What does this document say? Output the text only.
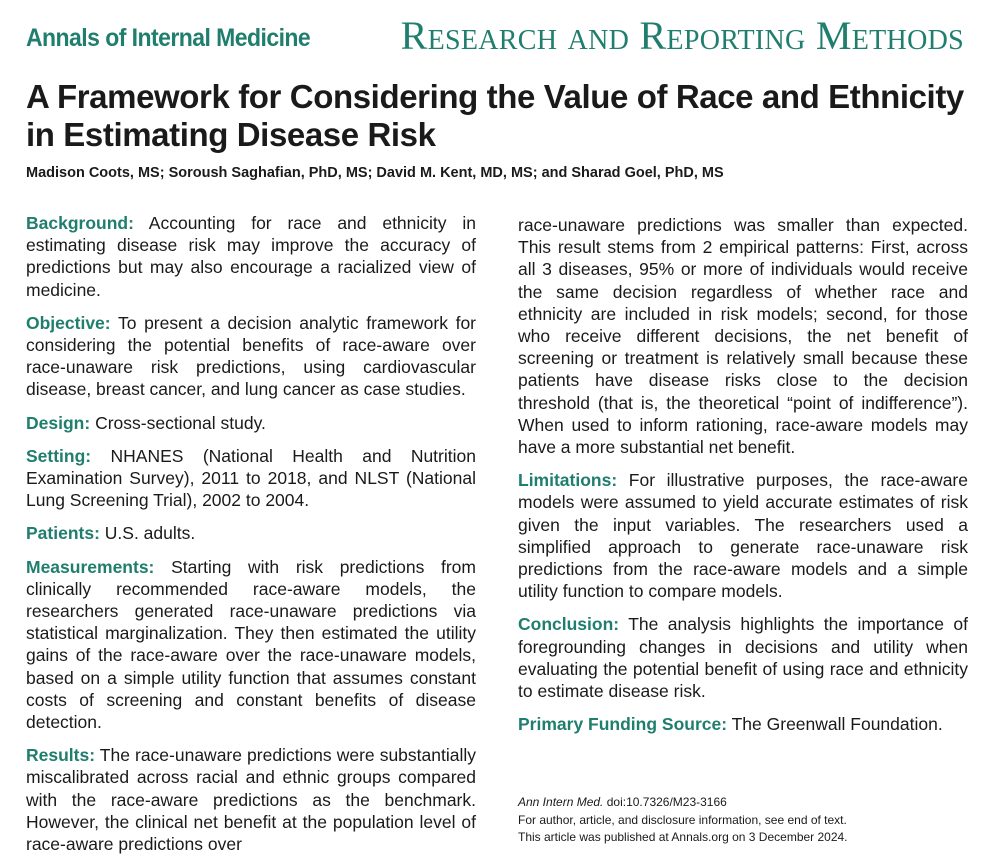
Annals of Internal Medicine Research and Reporting Methods
A Framework for Considering the Value of Race and Ethnicity in Estimating Disease Risk
Madison Coots, MS; Soroush Saghafian, PhD, MS; David M. Kent, MD, MS; and Sharad Goel, PhD, MS

Background: Accounting for race and ethnicity in estimating disease risk may improve the accuracy of predictions but may also encourage a racialized view of medicine.

Objective: To present a decision analytic framework for considering the potential benefits of race-aware over race-unaware risk predictions, using cardiovascular disease, breast cancer, and lung cancer as case studies.

Design: Cross-sectional study.

Setting: NHANES (National Health and Nutrition Examination Survey), 2011 to 2018, and NLST (National Lung Screening Trial), 2002 to 2004.

Patients: U.S. adults.

Measurements: Starting with risk predictions from clinically recommended race-aware models, the researchers generated race-unaware predictions via statistical marginalization. They then estimated the utility gains of the race-aware over the race-unaware models, based on a simple utility function that assumes constant costs of screening and constant benefits of disease detection.

Results: The race-unaware predictions were substantially miscalibrated across racial and ethnic groups compared with the race-aware predictions as the benchmark. However, the clinical net benefit at the population level of race-aware predictions over

race-unaware predictions was smaller than expected. This result stems from 2 empirical patterns: First, across all 3 diseases, 95% or more of individuals would receive the same decision regardless of whether race and ethnicity are included in risk models; second, for those who receive different decisions, the net benefit of screening or treatment is relatively small because these patients have disease risks close to the decision threshold (that is, the theoretical “point of indifference”). When used to inform rationing, race-aware models may have a more substantial net benefit.

Limitations: For illustrative purposes, the race-aware models were assumed to yield accurate estimates of risk given the input variables. The researchers used a simplified approach to generate race-unaware risk predictions from the race-aware models and a simple utility function to compare models.

Conclusion: The analysis highlights the importance of foregrounding changes in decisions and utility when evaluating the potential benefit of using race and ethnicity to estimate disease risk.

Primary Funding Source: The Greenwall Foundation.

Ann Intern Med. doi:10.7326/M23-3166
For author, article, and disclosure information, see end of text.
This article was published at Annals.org on 3 December 2024.
